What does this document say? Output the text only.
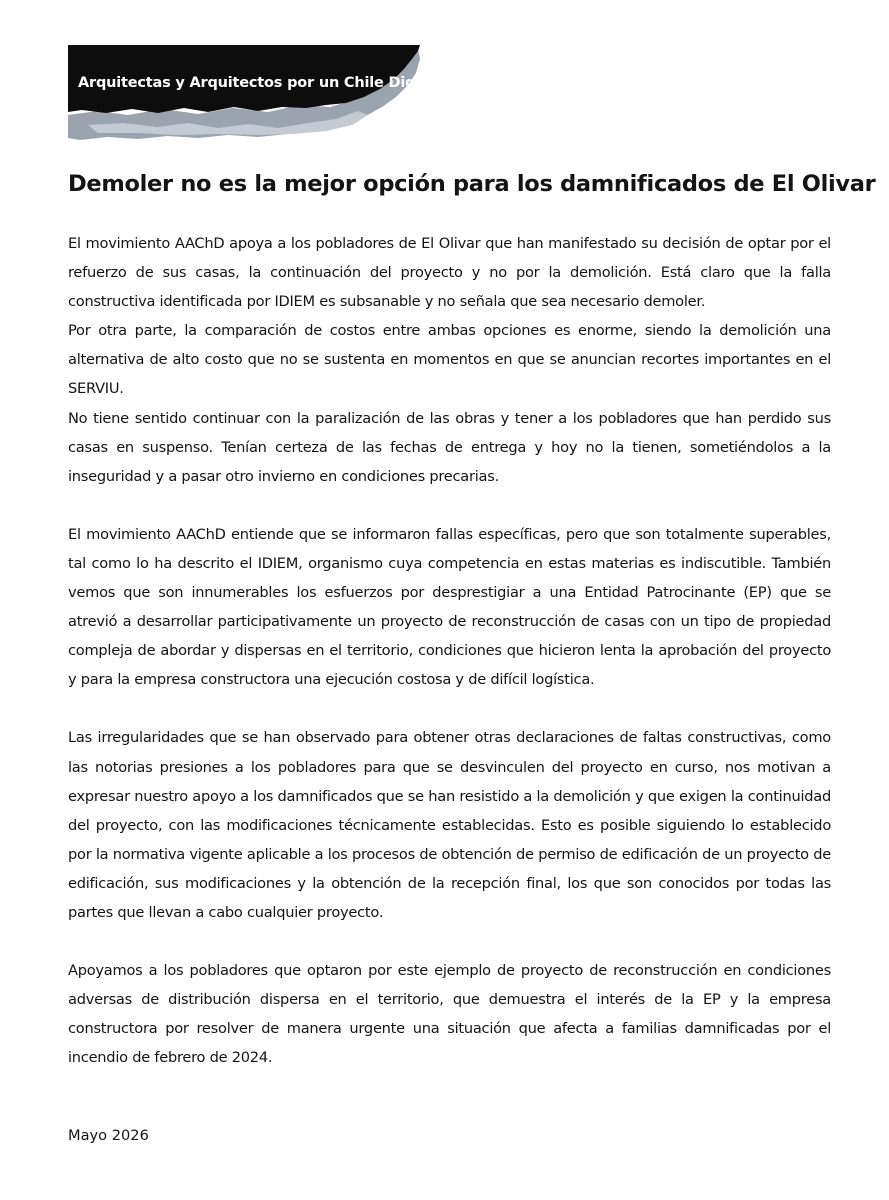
Arquitectas y Arquitectos por un Chile Digno
Demoler no es la mejor opción para los damnificados de El Olivar

El movimiento AAChD apoya a los pobladores de El Olivar que han manifestado su decisión de optar por el refuerzo de sus casas, la continuación del proyecto y no por la demolición. Está claro que la falla constructiva identificada por IDIEM es subsanable y no señala que sea necesario demoler.

Por otra parte, la comparación de costos entre ambas opciones es enorme, siendo la demolición una alternativa de alto costo que no se sustenta en momentos en que se anuncian recortes importantes en el SERVIU.

No tiene sentido continuar con la paralización de las obras y tener a los pobladores que han perdido sus casas en suspenso. Tenían certeza de las fechas de entrega y hoy no la tienen, sometiéndolos a la inseguridad y a pasar otro invierno en condiciones precarias.

El movimiento AAChD entiende que se informaron fallas específicas, pero que son totalmente superables, tal como lo ha descrito el IDIEM, organismo cuya competencia en estas materias es indiscutible. También vemos que son innumerables los esfuerzos por desprestigiar a una Entidad Patrocinante (EP) que se atrevió a desarrollar participativamente un proyecto de reconstrucción de casas con un tipo de propiedad compleja de abordar y dispersas en el territorio, condiciones que hicieron lenta la aprobación del proyecto y para la empresa constructora una ejecución costosa y de difícil logística.

Las irregularidades que se han observado para obtener otras declaraciones de faltas constructivas, como las notorias presiones a los pobladores para que se desvinculen del proyecto en curso, nos motivan a expresar nuestro apoyo a los damnificados que se han resistido a la demolición y que exigen la continuidad del proyecto, con las modificaciones técnicamente establecidas. Esto es posible siguiendo lo establecido por la normativa vigente aplicable a los procesos de obtención de permiso de edificación de un proyecto de edificación, sus modificaciones y la obtención de la recepción final, los que son conocidos por todas las partes que llevan a cabo cualquier proyecto.

Apoyamos a los pobladores que optaron por este ejemplo de proyecto de reconstrucción en condiciones adversas de distribución dispersa en el territorio, que demuestra el interés de la EP y la empresa constructora por resolver de manera urgente una situación que afecta a familias damnificadas por el incendio de febrero de 2024.

Mayo 2026
